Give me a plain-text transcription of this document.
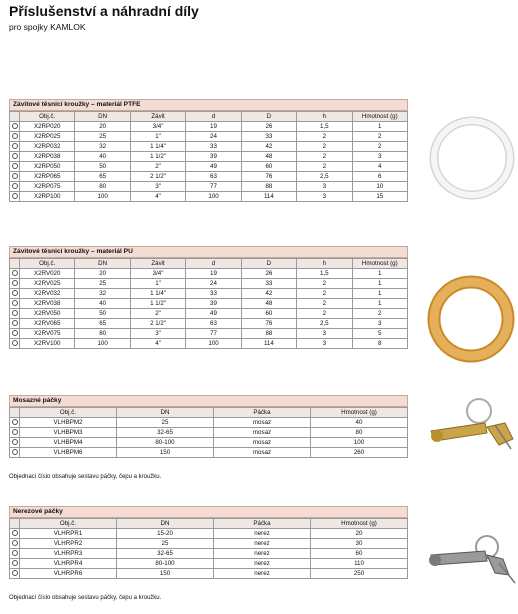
Příslušenství a náhradní díly
pro spojky KAMLOK
Závitové těsnicí kroužky – materiál PTFE
	Obj.č.	DN	Závit	d	D	h	Hmotnost (g)
	X2RP020	20	3/4"	19	26	1,5	1
	X2RP025	25	1"	24	33	2	2
	X2RP032	32	1 1/4"	33	42	2	2
	X2RP038	40	1 1/2"	39	48	2	3
	X2RP050	50	2"	49	60	2	4
	X2RP065	65	2 1/2"	63	76	2,5	6
	X2RP075	80	3"	77	88	3	10
	X2RP100	100	4"	100	114	3	15
Závitové těsnicí kroužky – materiál PU
	Obj.č.	DN	Závit	d	D	h	Hmotnost (g)
	X2RV020	20	3/4"	19	26	1,5	1
	X2RV025	25	1"	24	33	2	1
	X2RV032	32	1 1/4"	33	42	2	1
	X2RV038	40	1 1/2"	39	48	2	1
	X2RV050	50	2"	49	60	2	2
	X2RV065	65	2 1/2"	63	76	2,5	3
	X2RV075	80	3"	77	88	3	5
	X2RV100	100	4"	100	114	3	8
Mosazné páčky
	Obj.č.	DN	Páčka	Hmotnost (g)
	VLHBPM2	25	mosaz	40
	VLHBPM3	32-65	mosaz	80
	VLHBPM4	80-100	mosaz	100
	VLHBPM6	150	mosaz	260
Objednací číslo obsahuje sestavu páčky, čepu a kroužku.
Nerezové páčky
	Obj.č.	DN	Páčka	Hmotnost (g)
	VLHRPR1	15-20	nerez	20
	VLHRPR2	25	nerez	30
	VLHRPR3	32-65	nerez	60
	VLHRPR4	80-100	nerez	110
	VLHRPR6	150	nerez	250
Objednací číslo obsahuje sestavu páčky, čepu a kroužku.
